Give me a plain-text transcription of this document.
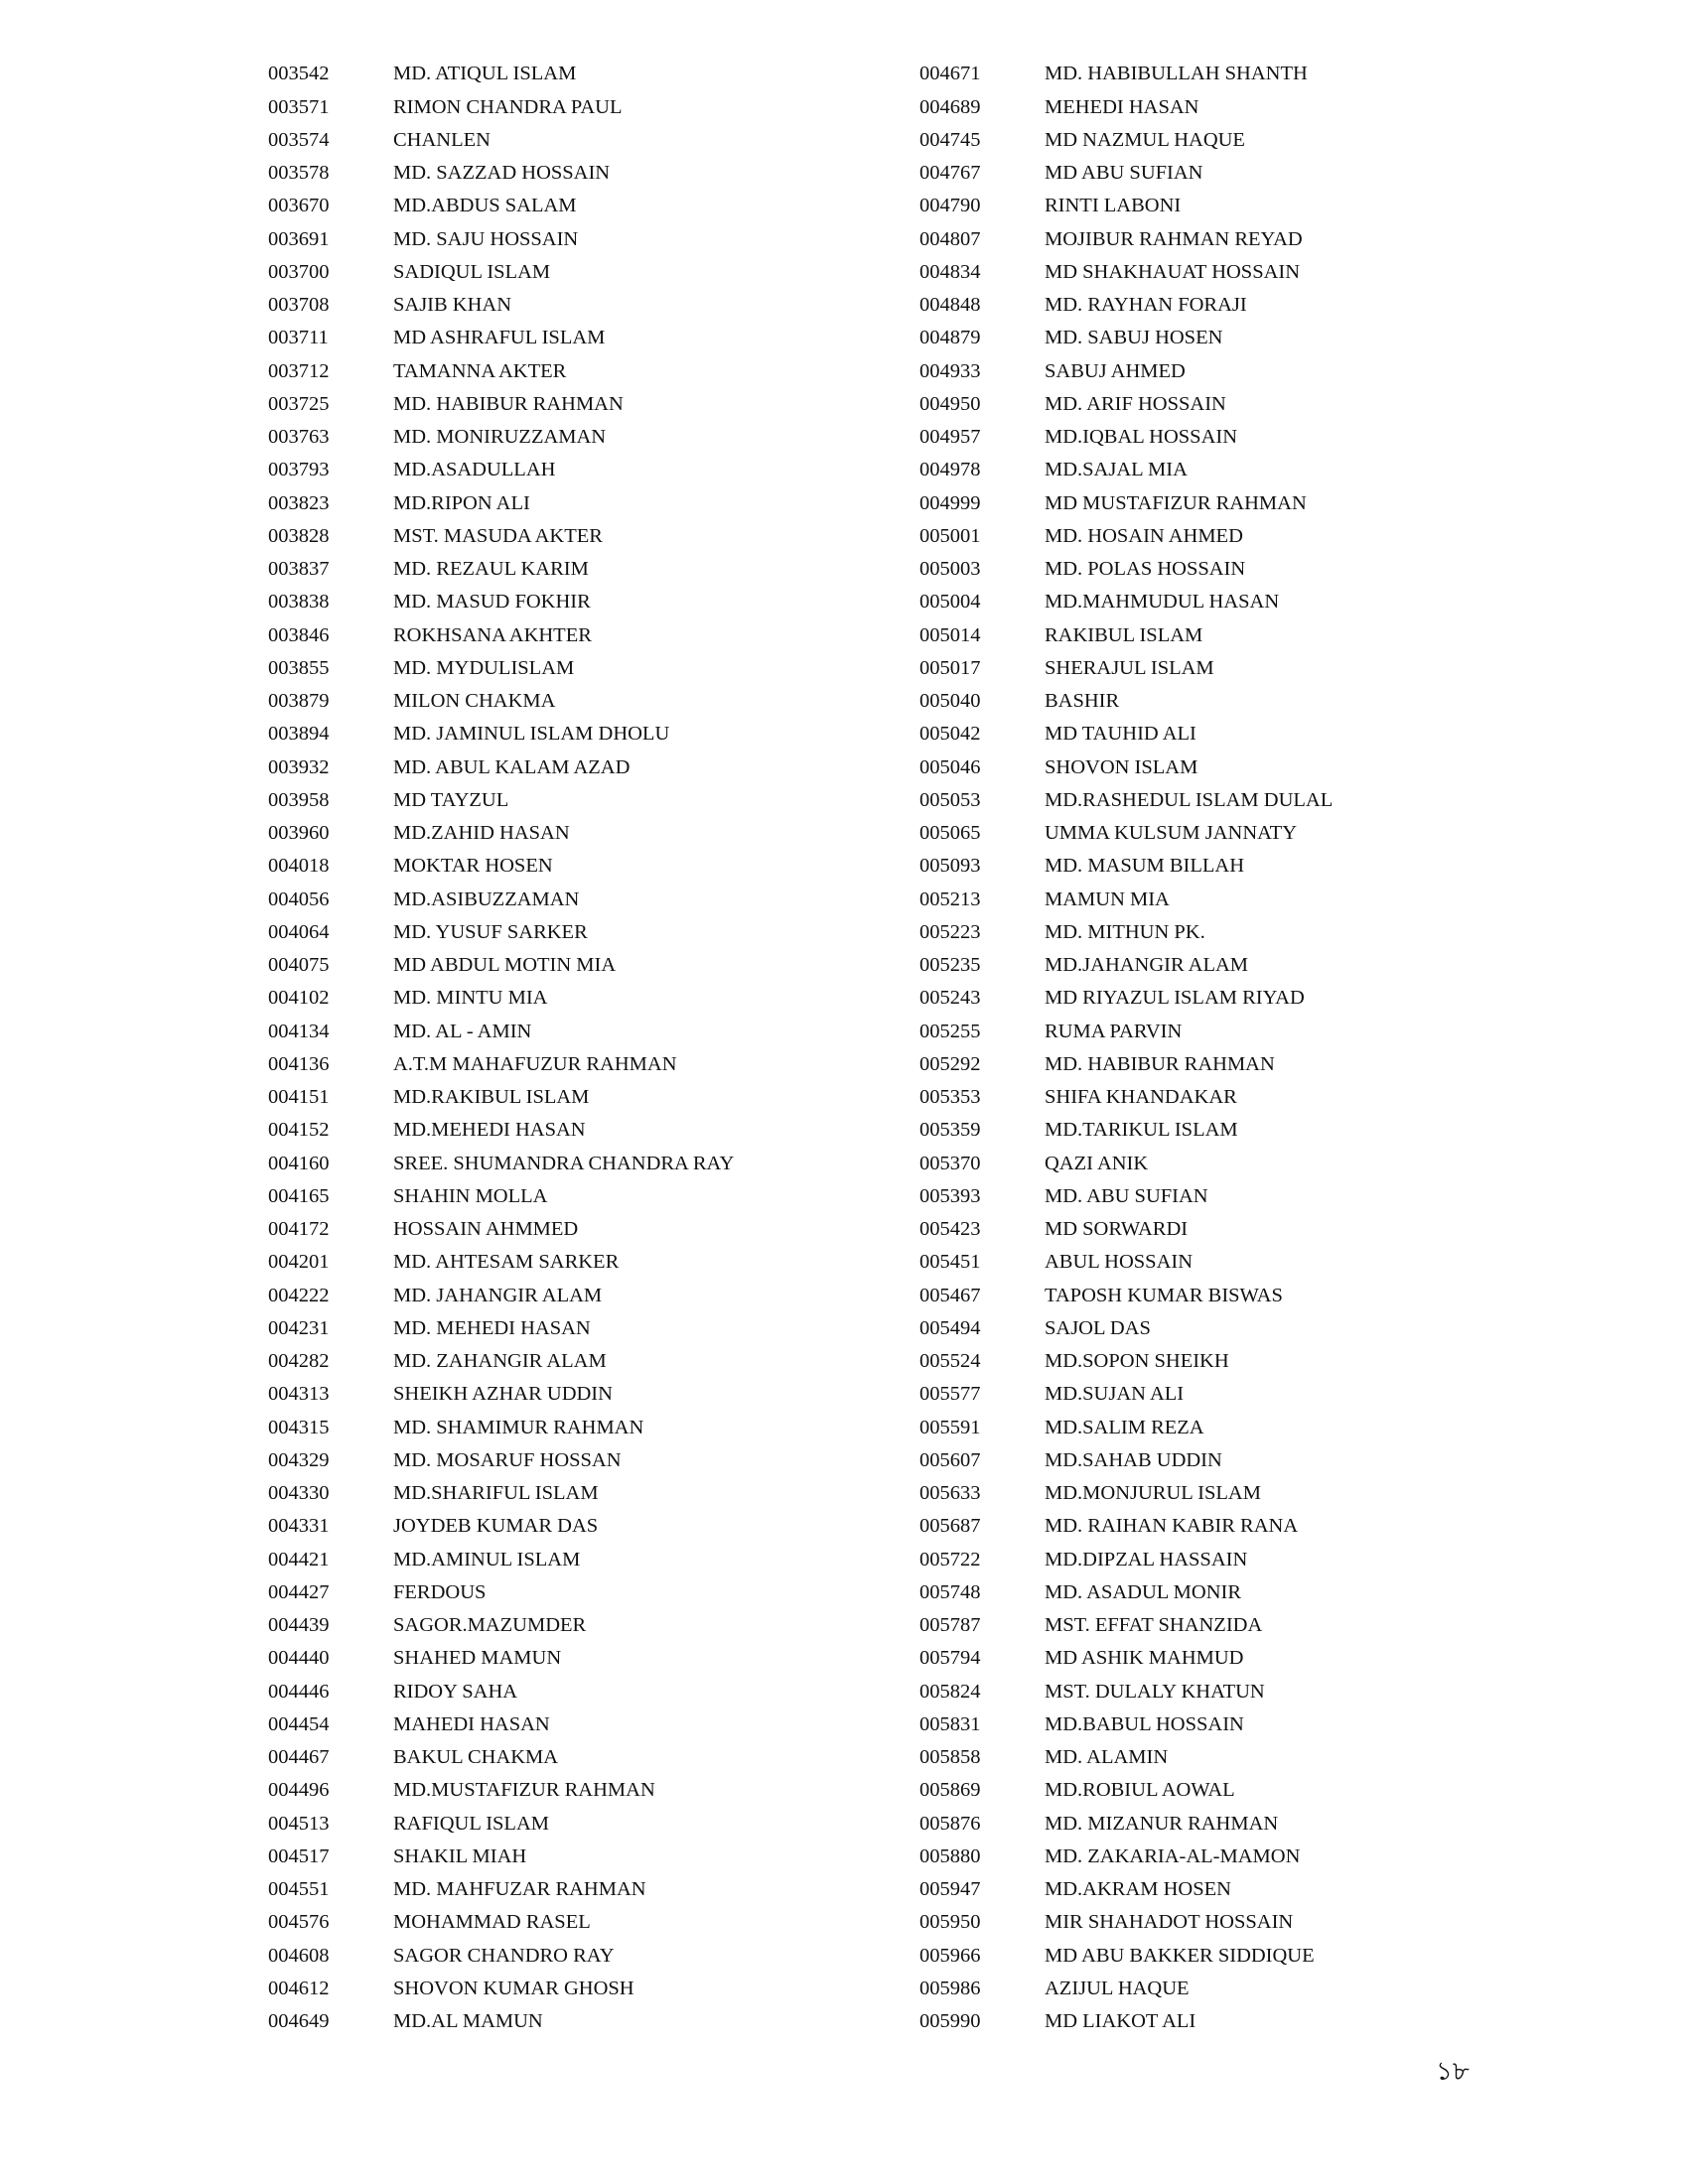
003542	MD. ATIQUL ISLAM
003571	RIMON CHANDRA PAUL
003574	CHANLEN
003578	MD. SAZZAD HOSSAIN
003670	MD.ABDUS SALAM
003691	MD. SAJU HOSSAIN
003700	SADIQUL ISLAM
003708	SAJIB KHAN
003711	MD ASHRAFUL ISLAM
003712	TAMANNA AKTER
003725	MD. HABIBUR RAHMAN
003763	MD. MONIRUZZAMAN
003793	MD.ASADULLAH
003823	MD.RIPON ALI
003828	MST. MASUDA AKTER
003837	MD. REZAUL KARIM
003838	MD. MASUD FOKHIR
003846	ROKHSANA AKHTER
003855	MD. MYDULISLAM
003879	MILON CHAKMA
003894	MD. JAMINUL ISLAM DHOLU
003932	MD. ABUL KALAM AZAD
003958	MD TAYZUL
003960	MD.ZAHID HASAN
004018	MOKTAR HOSEN
004056	MD.ASIBUZZAMAN
004064	MD. YUSUF SARKER
004075	MD ABDUL MOTIN MIA
004102	MD. MINTU MIA
004134	MD. AL - AMIN
004136	A.T.M MAHAFUZUR RAHMAN
004151	MD.RAKIBUL ISLAM
004152	MD.MEHEDI HASAN
004160	SREE. SHUMANDRA CHANDRA RAY
004165	SHAHIN MOLLA
004172	HOSSAIN AHMMED
004201	MD. AHTESAM SARKER
004222	MD. JAHANGIR ALAM
004231	MD. MEHEDI HASAN
004282	MD. ZAHANGIR ALAM
004313	SHEIKH AZHAR UDDIN
004315	MD. SHAMIMUR RAHMAN
004329	MD. MOSARUF HOSSAN
004330	MD.SHARIFUL ISLAM
004331	JOYDEB KUMAR DAS
004421	MD.AMINUL ISLAM
004427	FERDOUS
004439	SAGOR.MAZUMDER
004440	SHAHED MAMUN
004446	RIDOY SAHA
004454	MAHEDI HASAN
004467	BAKUL CHAKMA
004496	MD.MUSTAFIZUR RAHMAN
004513	RAFIQUL ISLAM
004517	SHAKIL MIAH
004551	MD. MAHFUZAR RAHMAN
004576	MOHAMMAD RASEL
004608	SAGOR CHANDRO RAY
004612	SHOVON KUMAR GHOSH
004649	MD.AL MAMUN
004671	MD. HABIBULLAH SHANTH
004689	MEHEDI HASAN
004745	MD NAZMUL HAQUE
004767	MD ABU SUFIAN
004790	RINTI LABONI
004807	MOJIBUR RAHMAN REYAD
004834	MD SHAKHAUAT HOSSAIN
004848	MD. RAYHAN FORAJI
004879	MD. SABUJ HOSEN
004933	SABUJ AHMED
004950	MD. ARIF HOSSAIN
004957	MD.IQBAL HOSSAIN
004978	MD.SAJAL MIA
004999	MD MUSTAFIZUR RAHMAN
005001	MD. HOSAIN AHMED
005003	MD. POLAS HOSSAIN
005004	MD.MAHMUDUL HASAN
005014	RAKIBUL ISLAM
005017	SHERAJUL ISLAM
005040	BASHIR
005042	MD TAUHID ALI
005046	SHOVON ISLAM
005053	MD.RASHEDUL ISLAM DULAL
005065	UMMA KULSUM JANNATY
005093	MD. MASUM BILLAH
005213	MAMUN MIA
005223	MD. MITHUN PK.
005235	MD.JAHANGIR ALAM
005243	MD RIYAZUL ISLAM RIYAD
005255	RUMA PARVIN
005292	MD. HABIBUR RAHMAN
005353	SHIFA KHANDAKAR
005359	MD.TARIKUL ISLAM
005370	QAZI ANIK
005393	MD. ABU SUFIAN
005423	MD SORWARDI
005451	ABUL HOSSAIN
005467	TAPOSH KUMAR BISWAS
005494	SAJOL DAS
005524	MD.SOPON SHEIKH
005577	MD.SUJAN ALI
005591	MD.SALIM REZA
005607	MD.SAHAB UDDIN
005633	MD.MONJURUL ISLAM
005687	MD. RAIHAN KABIR RANA
005722	MD.DIPZAL HASSAIN
005748	MD. ASADUL MONIR
005787	MST. EFFAT SHANZIDA
005794	MD ASHIK MAHMUD
005824	MST. DULALY KHATUN
005831	MD.BABUL HOSSAIN
005858	MD. ALAMIN
005869	MD.ROBIUL AOWAL
005876	MD. MIZANUR RAHMAN
005880	MD. ZAKARIA-AL-MAMON
005947	MD.AKRAM HOSEN
005950	MIR SHAHADOT HOSSAIN
005966	MD ABU BAKKER SIDDIQUE
005986	AZIJUL HAQUE
005990	MD LIAKOT ALI
১৮
